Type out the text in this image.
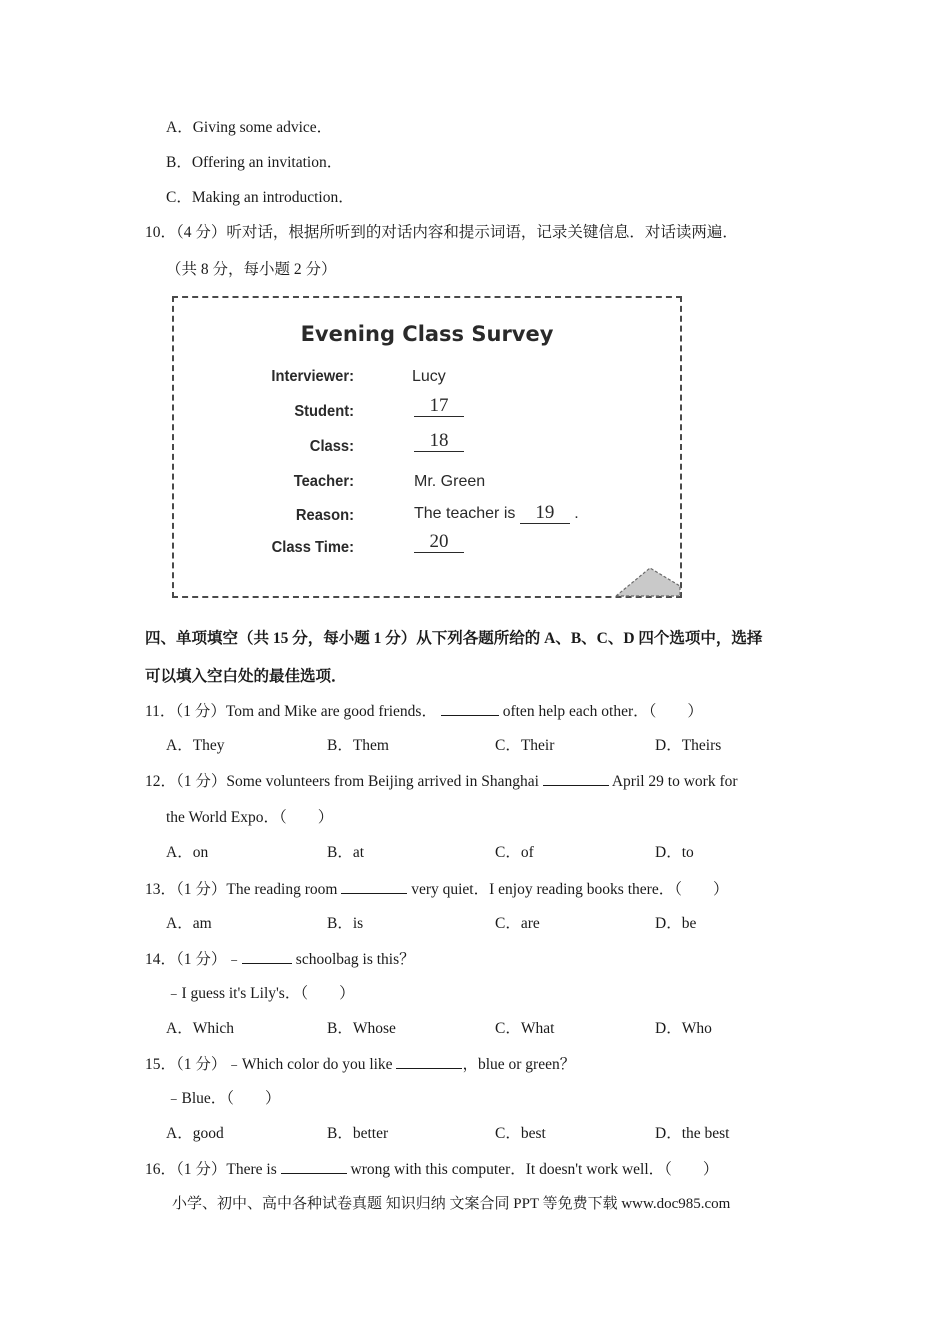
A．Giving some advice．
B．Offering an invitation．
C．Making an introduction．
10．（4 分）听对话，根据所听到的对话内容和提示词语，记录关键信息．对话读两遍．
（共 8 分，每小题 2 分）
Evening Class Survey
Interviewer:	Lucy
Student:	17
Class:	18
Teacher:	Mr. Green
Reason:	The teacher is 19 .
Class Time:	20
四、单项填空（共 15 分，每小题 1 分）从下列各题所给的 A、B、C、D 四个选项中，选择
可以填入空白处的最佳选项．
11．（1 分）Tom and Mike are good friends．	often help each other．（　　）
A．They	B．Them	C．Their	D．Theirs
12．（1 分）Some volunteers from Beijing arrived in Shanghai	April 29 to work for
the World Expo．（　　）
A．on	B．at	C．of	D．to
13．（1 分）The reading room	very quiet．I enjoy reading books there．（　　）
A．am	B．is	C．are	D．be
14．（1 分）﹣	schoolbag is this？
﹣I guess it's Lily's．（　　）
A．Which	B．Whose	C．What	D．Who
15．（1 分）﹣Which color do you like	，blue or green？
﹣Blue．（　　）
A．good	B．better	C．best	D．the best
16．（1 分）There is	wrong with this computer．It doesn't work well．（　　）
小学、初中、高中各种试卷真题 知识归纳 文案合同 PPT 等免费下载 www.doc985.com
